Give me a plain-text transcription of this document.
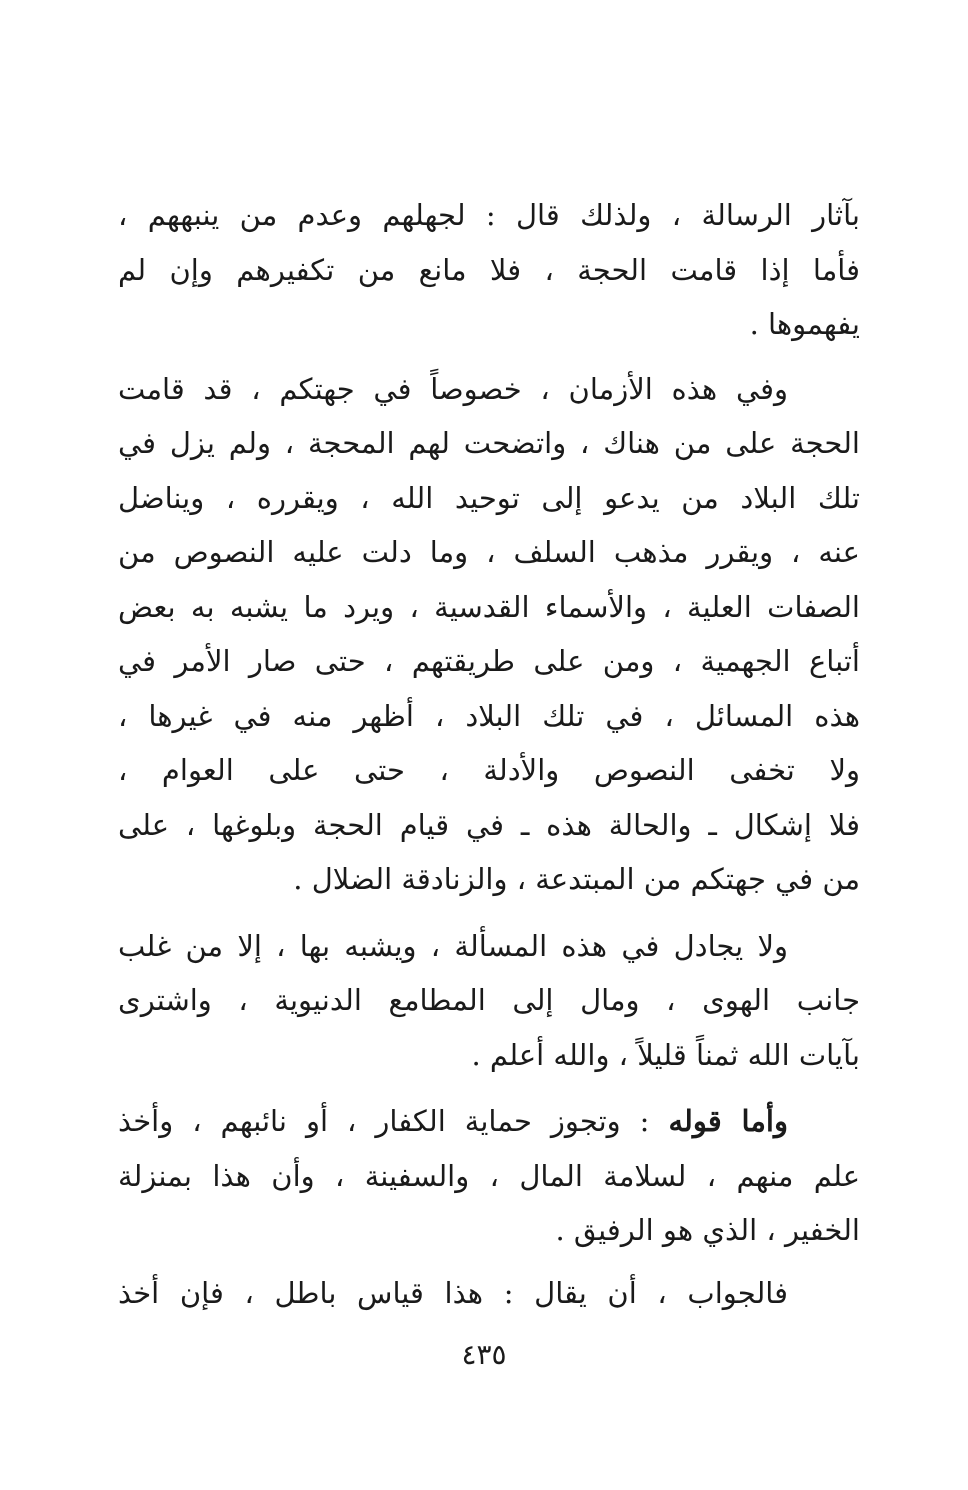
بآثار الرسالة ، ولذلك قال : لجهلهم وعدم من ينبههم ،
فأما إذا قامت الحجة ، فلا مانع من تكفيرهم وإن لم
يفهموها .
وفي هذه الأزمان ، خصوصاً في جهتكم ، قد قامت
الحجة على من هناك ، واتضحت لهم المحجة ، ولم يزل في
تلك البلاد من يدعو إلى توحيد الله ، ويقرره ، ويناضل
عنه ، ويقرر مذهب السلف ، وما دلت عليه النصوص من
الصفات العلية ، والأسماء القدسية ، ويرد ما يشبه به بعض
أتباع الجهمية ، ومن على طريقتهم ، حتى صار الأمر في
هذه المسائل ، في تلك البلاد ، أظهر منه في غيرها ،
ولا تخفى النصوص والأدلة ، حتى على العوام ،
فلا إشكال ـ والحالة هذه ـ في قيام الحجة وبلوغها ، على
من في جهتكم من المبتدعة ، والزنادقة الضلال .
ولا يجادل في هذه المسألة ، ويشبه بها ، إلا من غلب
جانب الهوى ، ومال إلى المطامع الدنيوية ، واشترى
بآيات الله ثمناً قليلاً ، والله أعلم .
وأما قوله : وتجوز حماية الكفار ، أو نائبهم ، وأخذ
علم منهم ، لسلامة المال ، والسفينة ، وأن هذا بمنزلة
الخفير ، الذي هو الرفيق .
فالجواب ، أن يقال : هذا قياس باطل ، فإن أخذ
٤٣٥
